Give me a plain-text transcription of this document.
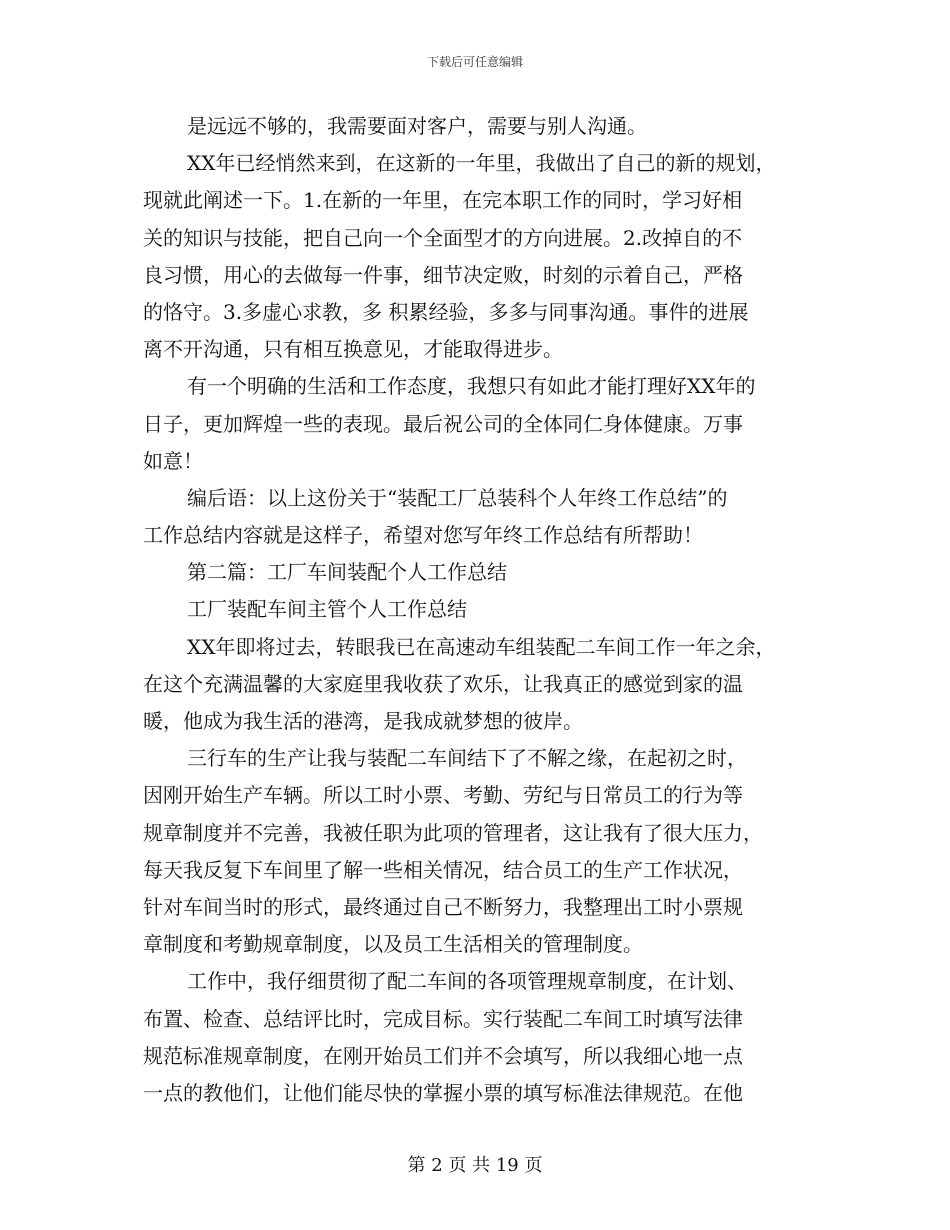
下载后可任意编辑
是远远不够的，我需要面对客户，需要与别人沟通。
XX年已经悄然来到，在这新的一年里，我做出了自己的新的规划，
现就此阐述一下。1.在新的一年里，在完本职工作的同时，学习好相
关的知识与技能，把自己向一个全面型才的方向进展。2.改掉自的不
良习惯，用心的去做每一件事，细节决定败，时刻的示着自己，严格
的恪守。3.多虚心求教，多 积累经验，多多与同事沟通。事件的进展
离不开沟通，只有相互换意见，才能取得进步。
有一个明确的生活和工作态度，我想只有如此才能打理好XX年的
日子，更加辉煌一些的表现。最后祝公司的全体同仁身体健康。万事
如意！
编后语：以上这份关于“装配工厂总装科个人年终工作总结”的
工作总结内容就是这样子，希望对您写年终工作总结有所帮助！
第二篇：工厂车间装配个人工作总结
工厂装配车间主管个人工作总结
XX年即将过去，转眼我已在高速动车组装配二车间工作一年之余，
在这个充满温馨的大家庭里我收获了欢乐，让我真正的感觉到家的温
暖，他成为我生活的港湾，是我成就梦想的彼岸。
三行车的生产让我与装配二车间结下了不解之缘，在起初之时，
因刚开始生产车辆。所以工时小票、考勤、劳纪与日常员工的行为等
规章制度并不完善，我被任职为此项的管理者，这让我有了很大压力，
每天我反复下车间里了解一些相关情况，结合员工的生产工作状况，
针对车间当时的形式，最终通过自己不断努力，我整理出工时小票规
章制度和考勤规章制度，以及员工生活相关的管理制度。
工作中，我仔细贯彻了配二车间的各项管理规章制度，在计划、
布置、检查、总结评比时，完成目标。实行装配二车间工时填写法律
规范标准规章制度，在刚开始员工们并不会填写，所以我细心地一点
一点的教他们，让他们能尽快的掌握小票的填写标准法律规范。在他
第 2 页 共 19 页
